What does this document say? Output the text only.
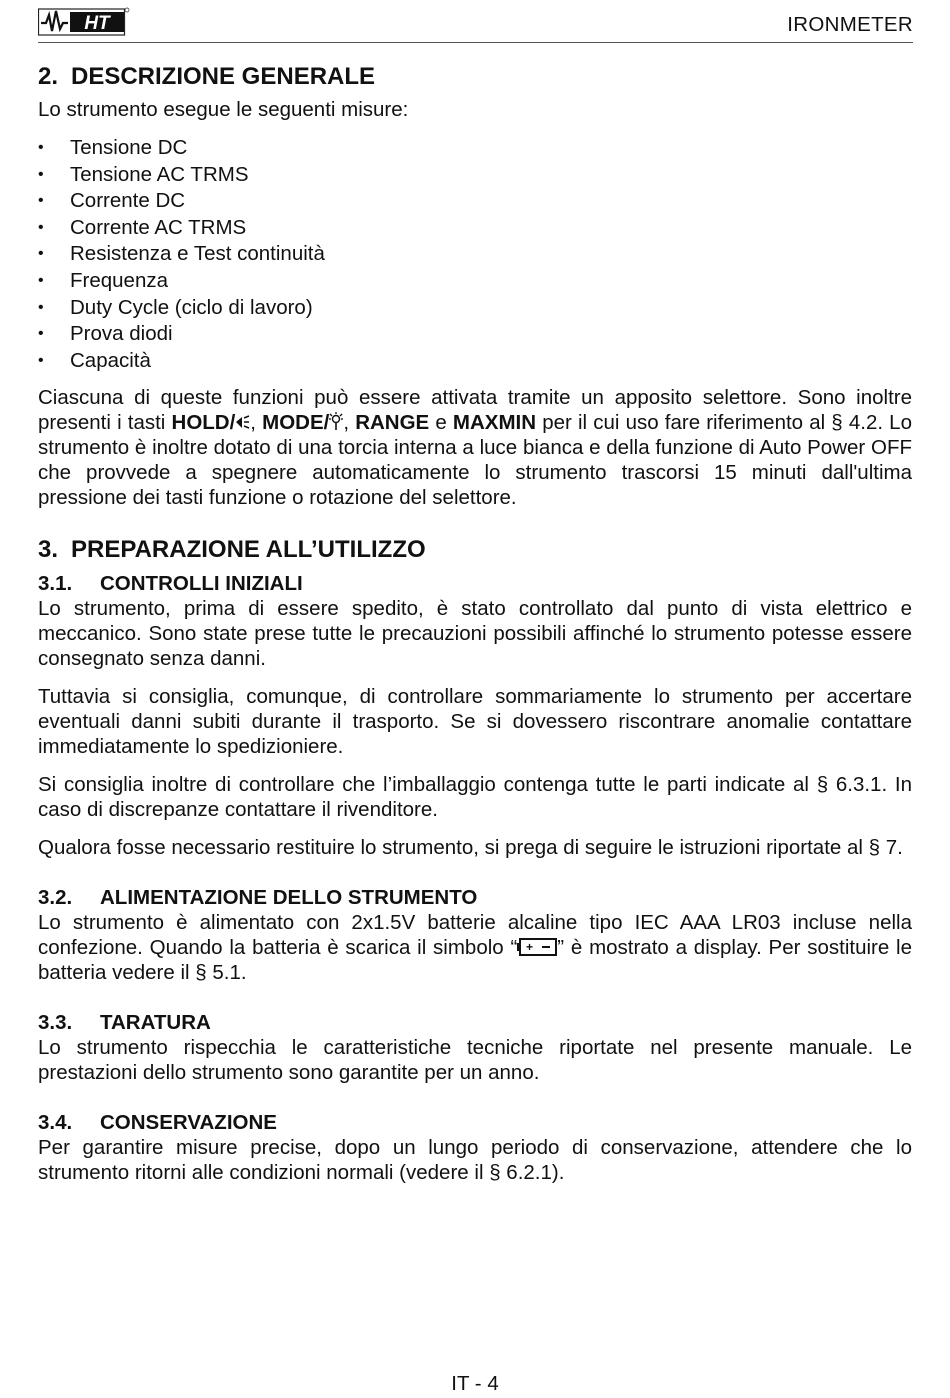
HT	IRONMETER
2. DESCRIZIONE GENERALE

Lo strumento esegue le seguenti misure:

• Tensione DC
• Tensione AC TRMS
• Corrente DC
• Corrente AC TRMS
• Resistenza e Test continuità
• Frequenza
• Duty Cycle (ciclo di lavoro)
• Prova diodi
• Capacità

Ciascuna di queste funzioni può essere attivata tramite un apposito selettore. Sono inoltre presenti i tasti HOLD/ , MODE/ , RANGE e MAXMIN per il cui uso fare riferimento al § 4.2. Lo strumento è inoltre dotato di una torcia interna a luce bianca e della funzione di Auto Power OFF che provvede a spegnere automaticamente lo strumento trascorsi 15 minuti dall'ultima pressione dei tasti funzione o rotazione del selettore.

3. PREPARAZIONE ALL’UTILIZZO
3.1. CONTROLLI INIZIALI

Lo strumento, prima di essere spedito, è stato controllato dal punto di vista elettrico e meccanico. Sono state prese tutte le precauzioni possibili affinché lo strumento potesse essere consegnato senza danni.

Tuttavia si consiglia, comunque, di controllare sommariamente lo strumento per accertare eventuali danni subiti durante il trasporto. Se si dovessero riscontrare anomalie contattare immediatamente lo spedizioniere.

Si consiglia inoltre di controllare che l’imballaggio contenga tutte le parti indicate al § 6.3.1. In caso di discrepanze contattare il rivenditore.

Qualora fosse necessario restituire lo strumento, si prega di seguire le istruzioni riportate al § 7.

3.2. ALIMENTAZIONE DELLO STRUMENTO

Lo strumento è alimentato con 2x1.5V batterie alcaline tipo IEC AAA LR03 incluse nella confezione. Quando la batteria è scarica il simbolo “ + ” è mostrato a display. Per sostituire le batteria vedere il § 5.1.

3.3. TARATURA

Lo strumento rispecchia le caratteristiche tecniche riportate nel presente manuale. Le prestazioni dello strumento sono garantite per un anno.

3.4. CONSERVAZIONE

Per garantire misure precise, dopo un lungo periodo di conservazione, attendere che lo strumento ritorni alle condizioni normali (vedere il § 6.2.1).

IT - 4
